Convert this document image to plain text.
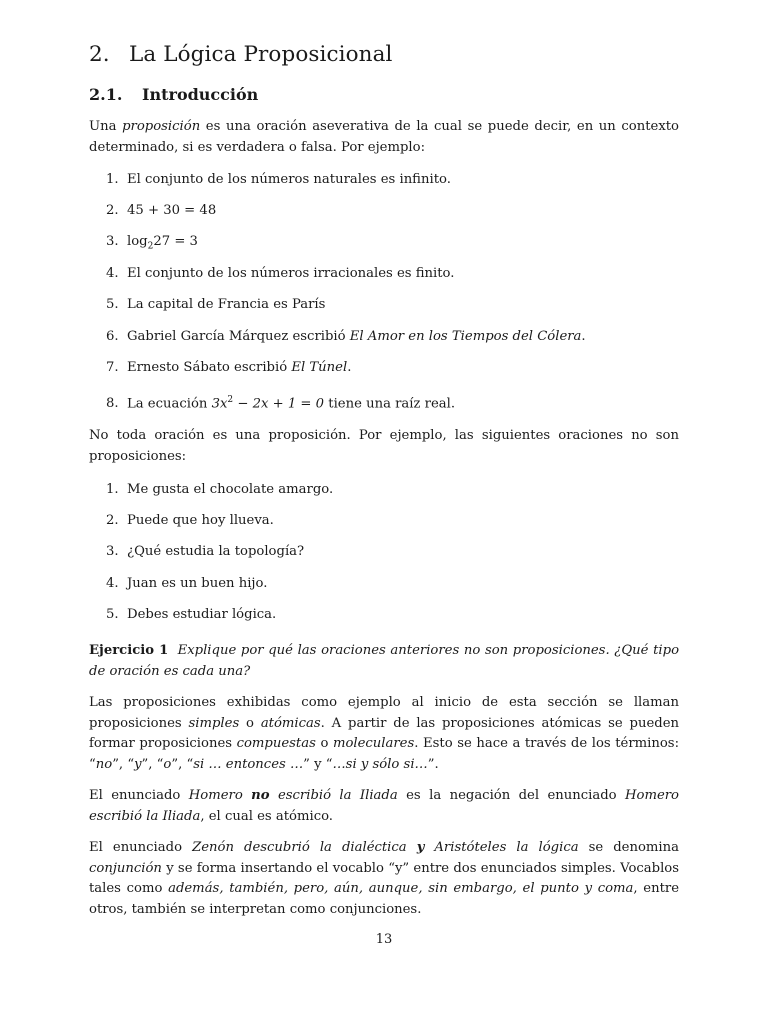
2. La Lógica Proposicional
2.1. Introducción
Una proposición es una oración aseverativa de la cual se puede decir, en un contexto determinado, si es verdadera o falsa. Por ejemplo:
1. El conjunto de los números naturales es infinito.
2. 45 + 30 = 48
3. $\log_227 = 3$
4. El conjunto de los números irracionales es finito.
5. La capital de Francia es París
6. Gabriel García Márquez escribió El Amor en los Tiempos del Cólera.
7. Ernesto Sábato escribió El Túnel.
8. La ecuación $3x^2 - 2x + 1 = 0$ tiene una raíz real.
No toda oración es una proposición. Por ejemplo, las siguientes oraciones no son proposiciones:
1. Me gusta el chocolate amargo.
2. Puede que hoy llueva.
3. ¿Qué estudia la topología?
4. Juan es un buen hijo.
5. Debes estudiar lógica.
Ejercicio 1 Explique por qué las oraciones anteriores no son proposiciones. ¿Qué tipo de oración es cada una?
Las proposiciones exhibidas como ejemplo al inicio de esta sección se llaman proposiciones simples o atómicas. A partir de las proposiciones atómicas se pueden formar proposiciones compuestas o moleculares. Esto se hace a través de los términos: “no”, “y”, “o”, “si … entonces …” y “…si y sólo si…”.
El enunciado Homero no escribió la Iliada es la negación del enunciado Homero escribió la Iliada, el cual es atómico.
El enunciado Zenón descubrió la dialéctica y Aristóteles la lógica se denomina conjunción y se forma insertando el vocablo “y” entre dos enunciados simples. Vocablos tales como además, también, pero, aún, aunque, sin embargo, el punto y coma, entre otros, también se interpretan como conjunciones.
13
